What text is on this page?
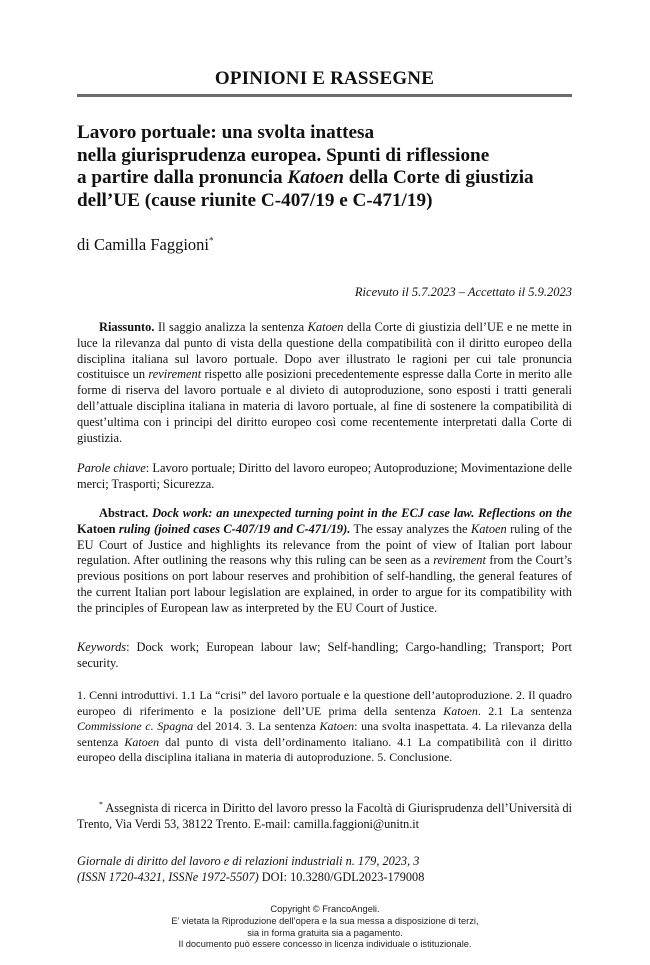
OPINIONI E RASSEGNE

Lavoro portuale: una svolta inattesa

nella giurisprudenza europea. Spunti di riflessione

a partire dalla pronuncia Katoen della Corte di giustizia

dell’UE (cause riunite C-407/19 e C-471/19)

di Camilla Faggioni*
Ricevuto il 5.7.2023 – Accettato il 5.9.2023

Riassunto. Il saggio analizza la sentenza Katoen della Corte di giustizia dell’UE e ne mette in luce la rilevanza dal punto di vista della questione della compatibilità con il diritto europeo della disciplina italiana sul lavoro portuale. Dopo aver illustrato le ragioni per cui tale pronuncia costituisce un revirement rispetto alle posizioni precedentemente espresse dalla Corte in merito alle forme di riserva del lavoro portuale e al divieto di autoproduzione, sono esposti i tratti generali dell’attuale disciplina italiana in materia di lavoro portuale, al fine di sostenere la compatibilità di quest’ultima con i principi del diritto europeo così come recentemente interpretati dalla Corte di giustizia.

Parole chiave: Lavoro portuale; Diritto del lavoro europeo; Autoproduzione; Movimentazione delle merci; Trasporti; Sicurezza.

Abstract. Dock work: an unexpected turning point in the ECJ case law. Reflections on the Katoen ruling (joined cases C-407/19 and C-471/19). The essay analyzes the Katoen ruling of the EU Court of Justice and highlights its relevance from the point of view of Italian port labour regulation. After outlining the reasons why this ruling can be seen as a revirement from the Court’s previous positions on port labour reserves and prohibition of self-handling, the general features of the current Italian port labour legislation are explained, in order to argue for its compatibility with the principles of European law as interpreted by the EU Court of Justice.

Keywords: Dock work; European labour law; Self-handling; Cargo-handling; Transport; Port security.

1. Cenni introduttivi. 1.1 La “crisi” del lavoro portuale e la questione dell’autoproduzione. 2. Il quadro europeo di riferimento e la posizione dell’UE prima della sentenza Katoen. 2.1 La sentenza Commissione c. Spagna del 2014. 3. La sentenza Katoen: una svolta inaspettata. 4. La rilevanza della sentenza Katoen dal punto di vista dell’ordinamento italiano. 4.1 La compatibilità con il diritto europeo della disciplina italiana in materia di autoproduzione. 5. Conclusione.

* Assegnista di ricerca in Diritto del lavoro presso la Facoltà di Giurisprudenza dell’Università di Trento, Via Verdi 53, 38122 Trento. E-mail: camilla.faggioni@unitn.it

Giornale di diritto del lavoro e di relazioni industriali n. 179, 2023, 3

(ISSN 1720-4321, ISSNe 1972-5507) DOI: 10.3280/GDL2023-179008

Copyright © FrancoAngeli.

E’ vietata la Riproduzione dell’opera e la sua messa a disposizione di terzi,

sia in forma gratuita sia a pagamento.

Il documento può essere concesso in licenza individuale o istituzionale.
